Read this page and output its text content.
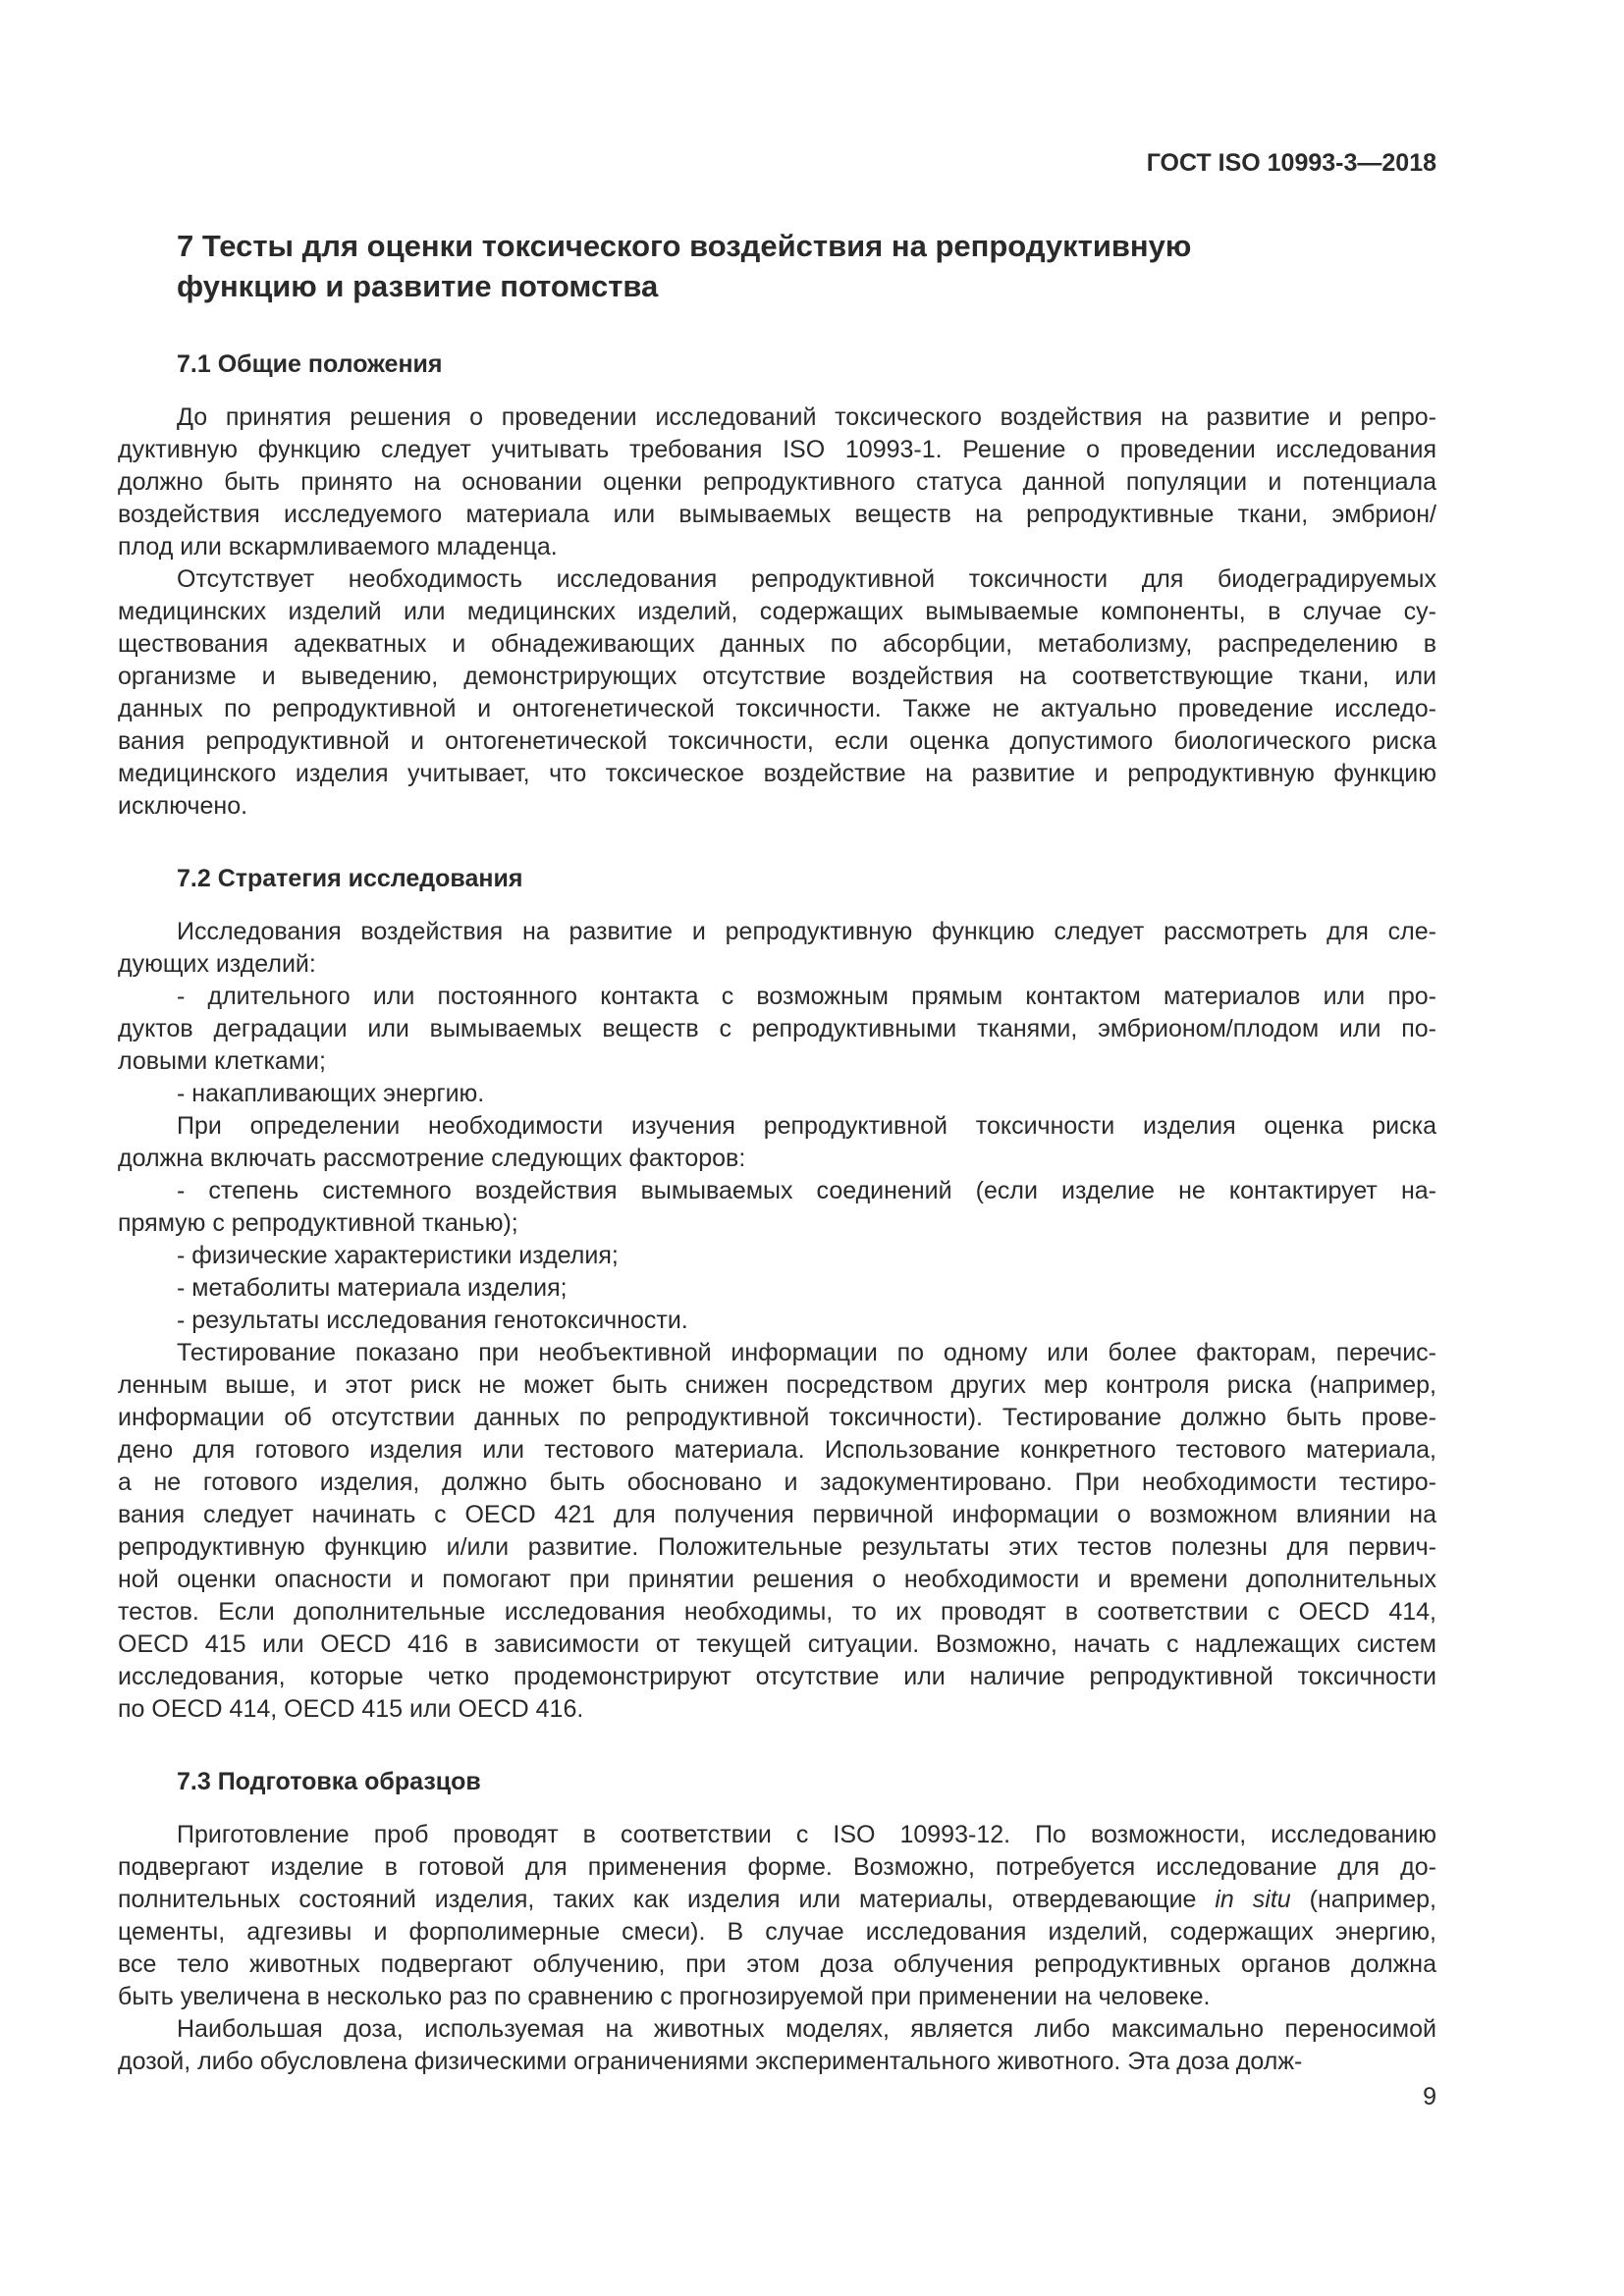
ГОСТ ISO 10993-3—2018
7 Тесты для оценки токсического воздействия на репродуктивную
функцию и развитие потомства
7.1 Общие положения
До принятия решения о проведении исследований токсического воздействия на развитие и репро-
дуктивную функцию следует учитывать требования ISO 10993-1. Решение о проведении исследования
должно быть принято на основании оценки репродуктивного статуса данной популяции и потенциала
воздействия исследуемого материала или вымываемых веществ на репродуктивные ткани, эмбрион/
плод или вскармливаемого младенца.
Отсутствует необходимость исследования репродуктивной токсичности для биодеградируемых
медицинских изделий или медицинских изделий, содержащих вымываемые компоненты, в случае су-
ществования адекватных и обнадеживающих данных по абсорбции, метаболизму, распределению в
организме и выведению, демонстрирующих отсутствие воздействия на соответствующие ткани, или
данных по репродуктивной и онтогенетической токсичности. Также не актуально проведение исследо-
вания репродуктивной и онтогенетической токсичности, если оценка допустимого биологического риска
медицинского изделия учитывает, что токсическое воздействие на развитие и репродуктивную функцию
исключено.
7.2 Стратегия исследования
Исследования воздействия на развитие и репродуктивную функцию следует рассмотреть для сле-
дующих изделий:
- длительного или постоянного контакта с возможным прямым контактом материалов или про-
дуктов деградации или вымываемых веществ с репродуктивными тканями, эмбрионом/плодом или по-
ловыми клетками;
- накапливающих энергию.
При определении необходимости изучения репродуктивной токсичности изделия оценка риска
должна включать рассмотрение следующих факторов:
- степень системного воздействия вымываемых соединений (если изделие не контактирует на-
прямую с репродуктивной тканью);
- физические характеристики изделия;
- метаболиты материала изделия;
- результаты исследования генотоксичности.
Тестирование показано при необъективной информации по одному или более факторам, перечис-
ленным выше, и этот риск не может быть снижен посредством других мер контроля риска (например,
информации об отсутствии данных по репродуктивной токсичности). Тестирование должно быть прове-
дено для готового изделия или тестового материала. Использование конкретного тестового материала,
а не готового изделия, должно быть обосновано и задокументировано. При необходимости тестиро-
вания следует начинать с OECD 421 для получения первичной информации о возможном влиянии на
репродуктивную функцию и/или развитие. Положительные результаты этих тестов полезны для первич-
ной оценки опасности и помогают при принятии решения о необходимости и времени дополнительных
тестов. Если дополнительные исследования необходимы, то их проводят в соответствии с OECD 414,
OECD 415 или OECD 416 в зависимости от текущей ситуации. Возможно, начать с надлежащих систем
исследования, которые четко продемонстрируют отсутствие или наличие репродуктивной токсичности
по OECD 414, OECD 415 или OECD 416.
7.3 Подготовка образцов
Приготовление проб проводят в соответствии с ISO 10993-12. По возможности, исследованию
подвергают изделие в готовой для применения форме. Возможно, потребуется исследование для до-
полнительных состояний изделия, таких как изделия или материалы, отвердевающие in situ (например,
цементы, адгезивы и форполимерные смеси). В случае исследования изделий, содержащих энергию,
все тело животных подвергают облучению, при этом доза облучения репродуктивных органов должна
быть увеличена в несколько раз по сравнению с прогнозируемой при применении на человеке.
Наибольшая доза, используемая на животных моделях, является либо максимально переносимой
дозой, либо обусловлена физическими ограничениями экспериментального животного. Эта доза долж-
9
